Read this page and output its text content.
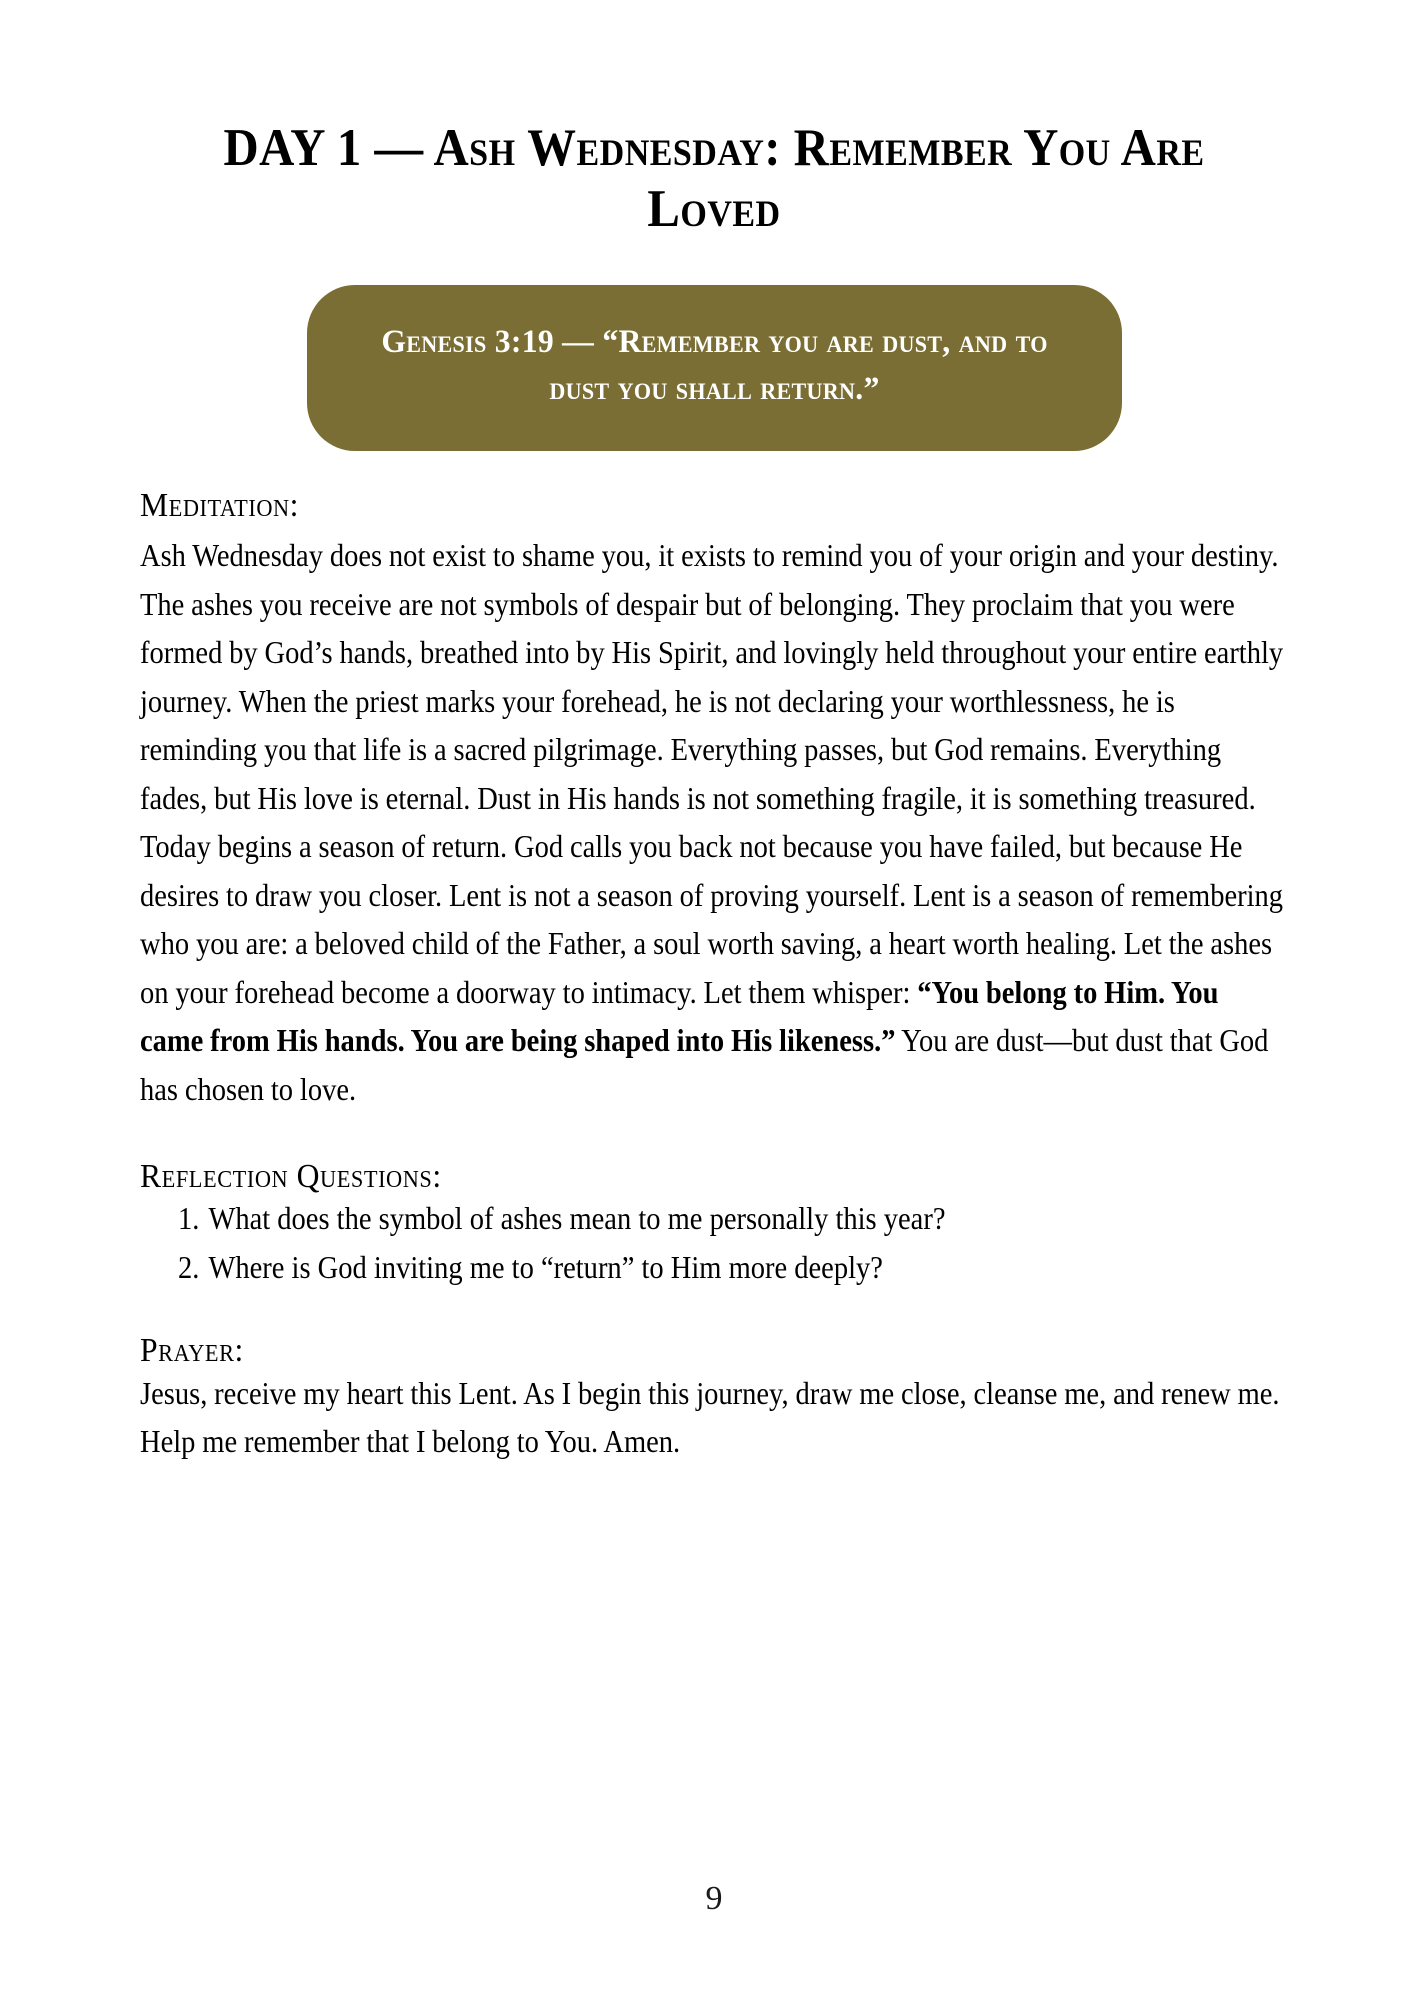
DAY 1 — Ash Wednesday: Remember You Are Loved

Genesis 3:19 — “Remember you are dust, and to dust you shall return.”

Meditation:

Ash Wednesday does not exist to shame you, it exists to remind you of your origin and your destiny. The ashes you receive are not symbols of despair but of belonging. They proclaim that you were formed by God’s hands, breathed into by His Spirit, and lovingly held throughout your entire earthly journey. When the priest marks your forehead, he is not declaring your worthlessness, he is reminding you that life is a sacred pilgrimage. Everything passes, but God remains. Everything fades, but His love is eternal. Dust in His hands is not something fragile, it is something treasured.

Today begins a season of return. God calls you back not because you have failed, but because He desires to draw you closer. Lent is not a season of proving yourself. Lent is a season of remembering who you are: a beloved child of the Father, a soul worth saving, a heart worth healing. Let the ashes on your forehead become a doorway to intimacy. Let them whisper: “You belong to Him. You came from His hands. You are being shaped into His likeness.” You are dust—but dust that God has chosen to love.

Reflection Questions:
1. What does the symbol of ashes mean to me personally this year?
2. Where is God inviting me to “return” to Him more deeply?
Prayer:

Jesus, receive my heart this Lent. As I begin this journey, draw me close, cleanse me, and renew me. Help me remember that I belong to You. Amen.

9
